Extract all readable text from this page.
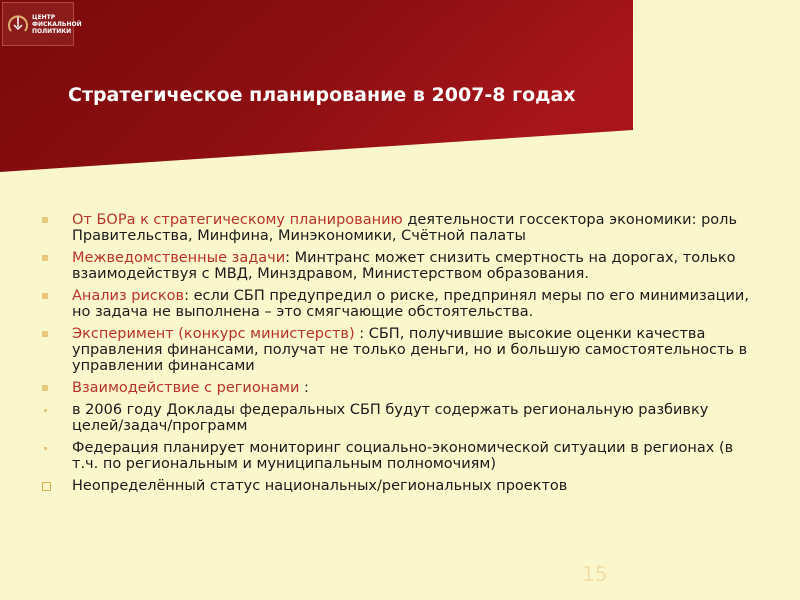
ЦЕНТР
ФИСКАЛЬНОЙ
ПОЛИТИКИ
Стратегическое планирование в 2007-8 годах
От БОРа к стратегическому планированию деятельности госсектора экономики: роль Правительства, Минфина, Минэкономики, Счётной палаты
Межведомственные задачи: Минтранс может снизить смертность на дорогах, только взаимодействуя с МВД, Минздравом, Министерством образования.
Анализ рисков: если СБП предупредил о риске, предпринял меры по его минимизации, но задача не выполнена – это смягчающие обстоятельства.
Эксперимент (конкурс министерств) : СБП, получившие высокие оценки качества управления финансами, получат не только деньги, но и большую самостоятельность в управлении финансами
Взаимодействие с регионами :
в 2006 году Доклады федеральных СБП будут содержать региональную разбивку целей/задач/программ
Федерация планирует мониторинг социально-экономической ситуации в регионах (в т.ч. по региональным и муниципальным полномочиям)
Неопределённый статус национальных/региональных проектов
15
